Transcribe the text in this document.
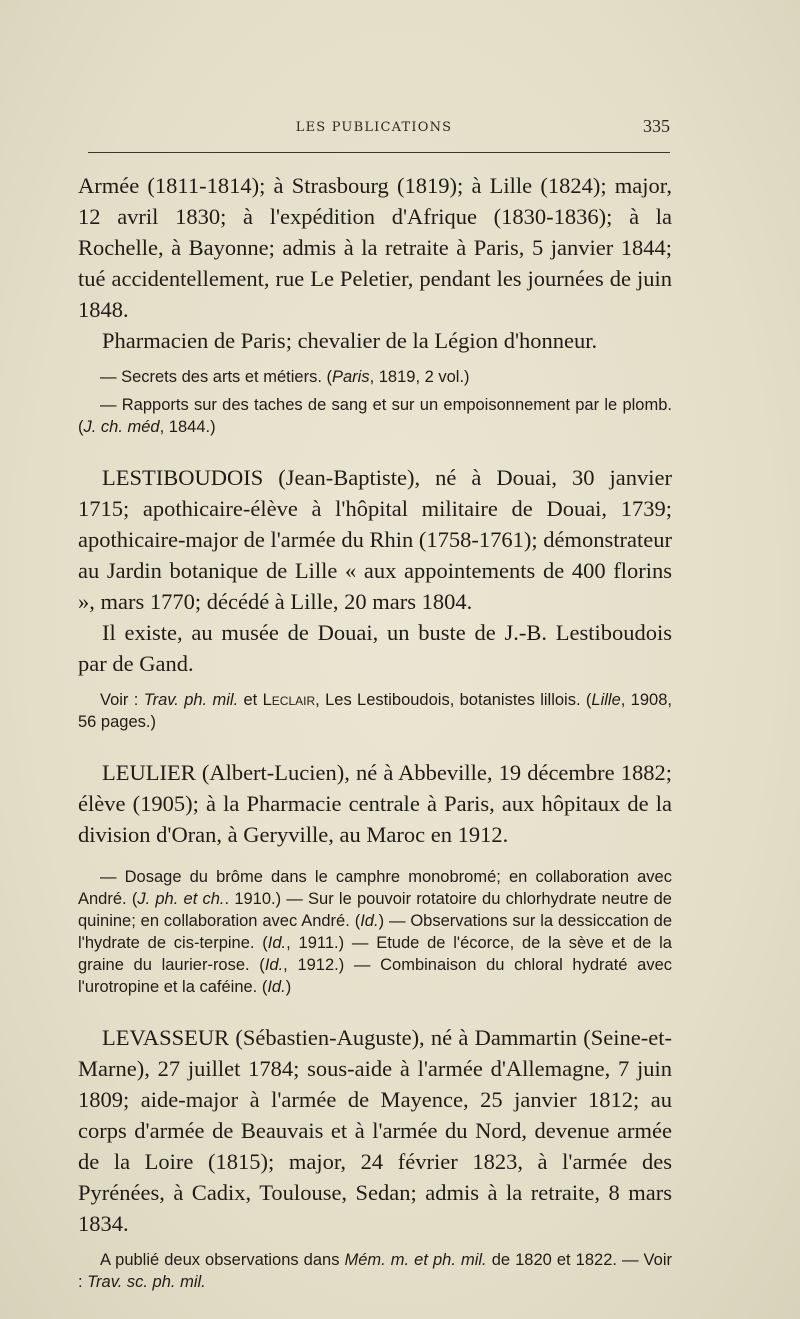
LES PUBLICATIONS	335

Armée (1811-1814); à Strasbourg (1819); à Lille (1824); major, 12 avril 1830; à l'expédition d'Afrique (1830-1836); à la Rochelle, à Bayonne; admis à la retraite à Paris, 5 janvier 1844; tué accidentellement, rue Le Peletier, pendant les journées de juin 1848.

Pharmacien de Paris; chevalier de la Légion d'honneur.

— Secrets des arts et métiers. (Paris, 1819, 2 vol.)

— Rapports sur des taches de sang et sur un empoisonnement par le plomb. (J. ch. méd, 1844.)

LESTIBOUDOIS (Jean-Baptiste), né à Douai, 30 janvier 1715; apothicaire-élève à l'hôpital militaire de Douai, 1739; apothicaire-major de l'armée du Rhin (1758-1761); démonstrateur au Jardin botanique de Lille « aux appointements de 400 florins », mars 1770; décédé à Lille, 20 mars 1804.

Il existe, au musée de Douai, un buste de J.-B. Lestiboudois par de Gand.

Voir : Trav. ph. mil. et Leclair, Les Lestiboudois, botanistes lillois. (Lille, 1908, 56 pages.)

LEULIER (Albert-Lucien), né à Abbeville, 19 décembre 1882; élève (1905); à la Pharmacie centrale à Paris, aux hôpitaux de la division d'Oran, à Geryville, au Maroc en 1912.

— Dosage du brôme dans le camphre monobromé; en collaboration avec André. (J. ph. et ch.. 1910.) — Sur le pouvoir rotatoire du chlorhydrate neutre de quinine; en collaboration avec André. (Id.) — Observations sur la dessiccation de l'hydrate de cis-terpine. (Id., 1911.) — Etude de l'écorce, de la sève et de la graine du laurier-rose. (Id., 1912.) — Combinaison du chloral hydraté avec l'urotropine et la caféine. (Id.)

LEVASSEUR (Sébastien-Auguste), né à Dammartin (Seine-et-Marne), 27 juillet 1784; sous-aide à l'armée d'Allemagne, 7 juin 1809; aide-major à l'armée de Mayence, 25 janvier 1812; au corps d'armée de Beauvais et à l'armée du Nord, devenue armée de la Loire (1815); major, 24 février 1823, à l'armée des Pyrénées, à Cadix, Toulouse, Sedan; admis à la retraite, 8 mars 1834.

A publié deux observations dans Mém. m. et ph. mil. de 1820 et 1822. — Voir : Trav. sc. ph. mil.
